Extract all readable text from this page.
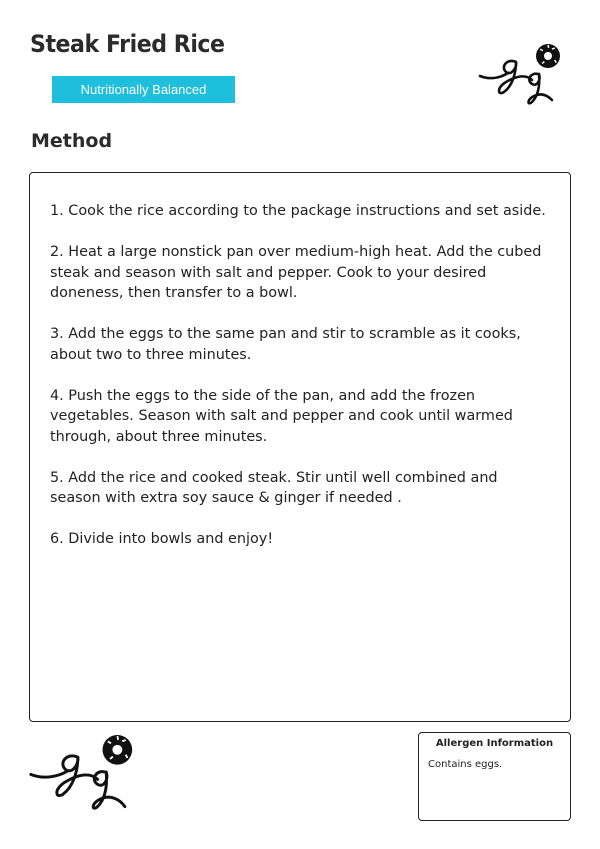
Steak Fried Rice
Nutritionally Balanced
Method

1. Cook the rice according to the package instructions and set aside.

2. Heat a large nonstick pan over medium-high heat. Add the cubed steak and season with salt and pepper. Cook to your desired doneness, then transfer to a bowl.

3. Add the eggs to the same pan and stir to scramble as it cooks, about two to three minutes.

4. Push the eggs to the side of the pan, and add the frozen vegetables. Season with salt and pepper and cook until warmed through, about three minutes.

5. Add the rice and cooked steak. Stir until well combined and season with extra soy sauce & ginger if needed .

6. Divide into bowls and enjoy!

Allergen Information
Contains eggs.
